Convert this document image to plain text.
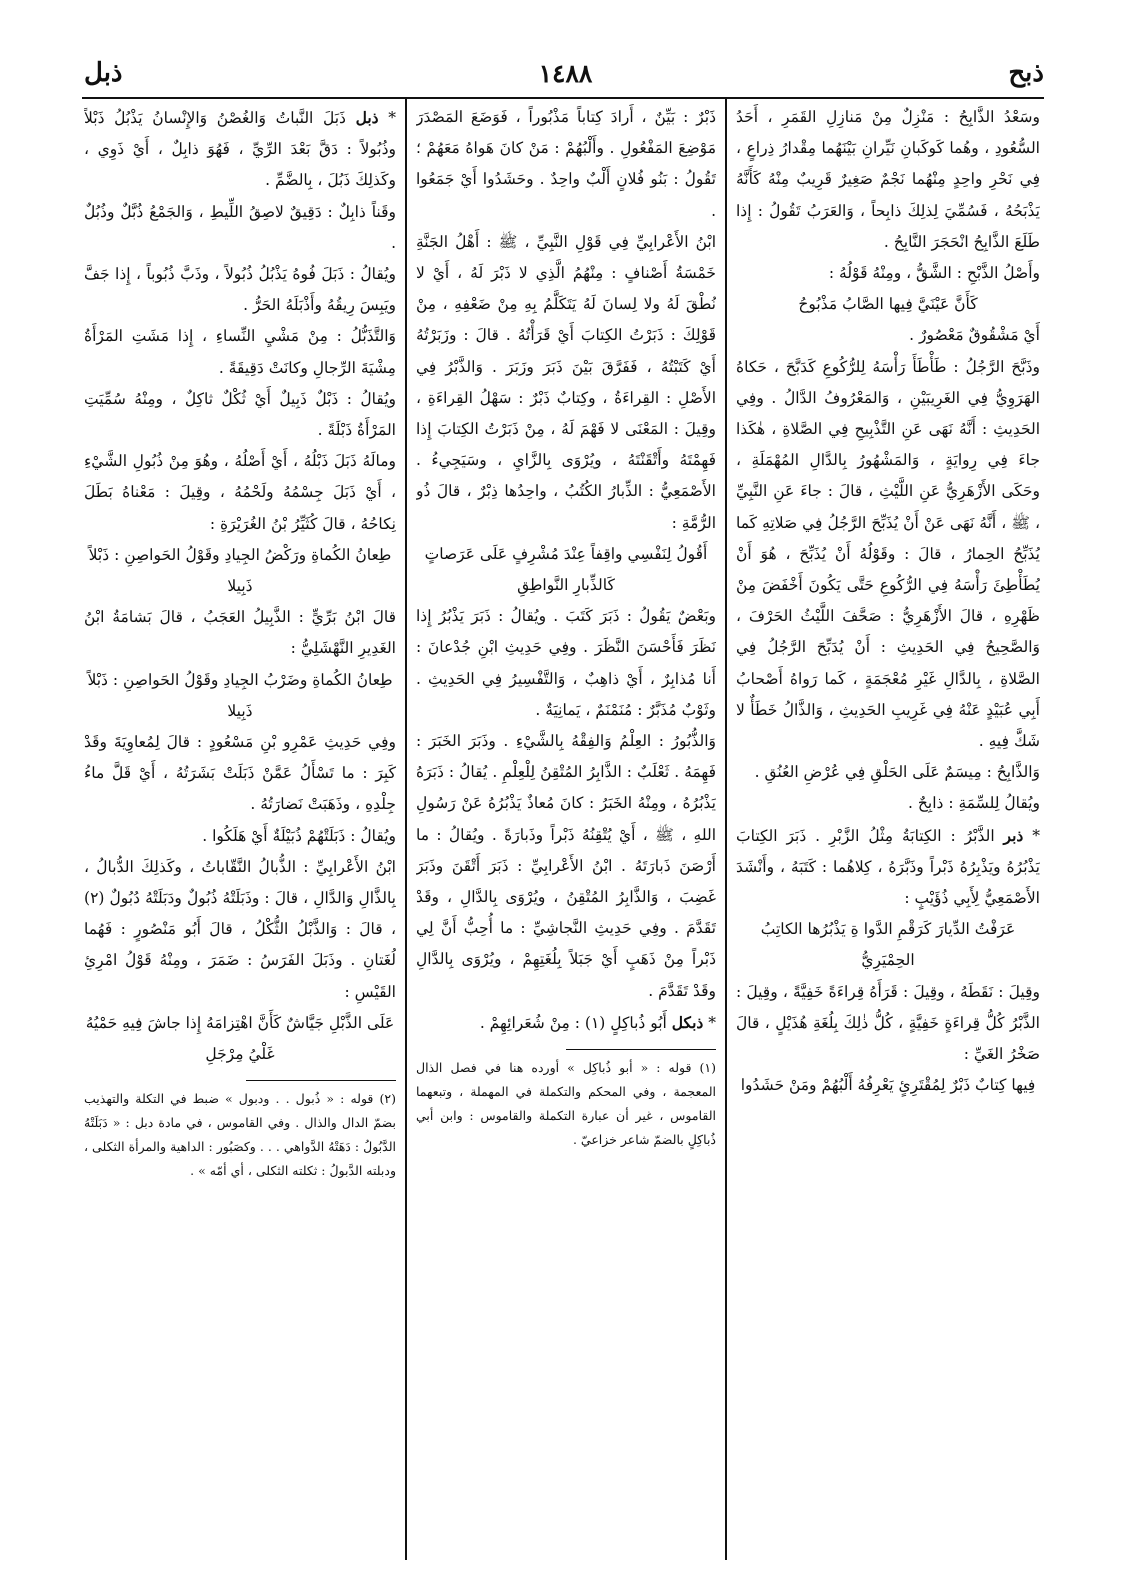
ذبح
١٤٨٨
ذبل

وسَعْدُ الذَّابِحُ : مَنْزِلٌ مِنْ مَنازِلِ القَمَرِ ، أَحَدُ السُّعُودِ ، وهُما كَوكَبانِ نَيِّرانِ بَيْنَهُما مِقْدارُ ذِراعٍ ، فِي نَحْرِ واحِدٍ مِنْهُما نَجْمٌ صَغِيرٌ قَرِيبٌ مِنْهُ كَأَنَّهُ يَذْبَحُهُ ، فَسُمِّيَ لِذلِكَ ذابِحاً ، وَالعَرَبُ تَقُولُ : إِذا طَلَعَ الذَّابِحُ انْحَجَرَ النَّابِحُ .

وأَصْلُ الذَّبْحِ : الشَّقُّ ، ومِنْهُ قَوْلُهُ :

كَأَنَّ عَيْنَيَّ فِيها الصَّابُ مَذْبُوحُ

أَيْ مَشْقُوقٌ مَعْصُورٌ .

وذَبَّحَ الرَّجُلُ : طَأْطَأَ رَأْسَهُ لِلرُّكُوعِ كَدَبَّحَ ، حَكاهُ الهَرَوِيُّ فِي الغَرِيبَيْنِ ، وَالمَعْرُوفُ الدَّالُ . وفِي الحَدِيثِ : أَنَّهُ نَهَى عَنِ التَّذْبِيحِ فِي الصَّلاةِ ، هٰكَذا جاءَ فِي رِوايَةٍ ، وَالمَشْهُورُ بِالدَّالِ المُهْمَلَةِ ، وحَكَى الأَزْهَرِيُّ عَنِ اللَّيْثِ ، قالَ : جاءَ عَنِ النَّبِيِّ ، ﷺ ، أَنَّهُ نَهَى عَنْ أَنْ يُذَبِّحَ الرَّجُلُ فِي صَلاتِهِ كَما يُذَبِّحُ الحِمارُ ، قالَ : وقَوْلُهُ أَنْ يُذَبِّحَ ، هُوَ أَنْ يُطَأْطِئَ رَأْسَهُ فِي الرُّكُوعِ حَتَّى يَكُونَ أَخْفَضَ مِنْ ظَهْرِهِ ، قالَ الأَزْهَرِيُّ : صَحَّفَ اللَّيْثُ الحَرْفَ ، وَالصَّحِيحُ فِي الحَدِيثِ : أَنْ يُدَبِّحَ الرَّجُلُ فِي الصَّلاةِ ، بِالدَّالِ غَيْرِ مُعْجَمَةٍ ، كَما رَواهُ أَصْحابُ أَبِي عُبَيْدٍ عَنْهُ فِي غَرِيبِ الحَدِيثِ ، وَالذَّالُ خَطَأٌ لا شَكَّ فِيهِ .

وَالذَّابِحُ : مِيسَمٌ عَلَى الحَلْقِ فِي عُرْضِ العُنُقِ .

ويُقالُ لِلسِّمَةِ : ذابِحٌ .

* ذبر الذَّبْرُ : الكِتابَةُ مِثْلُ الزَّبْرِ . ذَبَرَ الكِتابَ يَذْبُرُهُ ويَذْبِرُهُ ذَبْراً وذَبَّرَهُ ، كِلاهُما : كَتَبَهُ ، وأَنْشَدَ الأَصْمَعِيُّ لِأَبِي ذُؤَيْبٍ :

عَرَفْتُ الدِّيارَ كَرَقْمِ الدَّوا ةِ يَذْبُرُها الكاتِبُ الحِمْيَرِيُّ

وقِيلَ : نَقَطَهُ ، وقِيلَ : قَرَأَهُ قِراءَةً خَفِيَّةً ، وقِيلَ : الذَّبْرُ كُلُّ قِراءَةٍ خَفِيَّةٍ ، كُلُّ ذٰلِكَ بِلُغَةِ هُذَيْلٍ ، قالَ صَخْرُ الغَيِّ :

فِيها كِتابٌ ذَبْرٌ لِمُقْتَرِئٍ يَعْرِفُهُ أَلْبُهُمْ ومَنْ حَشَدُوا

ذَبْرٌ : بَيِّنٌ ، أَرادَ كِتاباً مَذْبُوراً ، فَوَضَعَ المَصْدَرَ مَوْضِعَ المَفْعُولِ . وأَلْبُهُمْ : مَنْ كانَ هَواهُ مَعَهُمْ ؛ تَقُولُ : بَنُو فُلانٍ أَلْبٌ واحِدٌ . وحَشَدُوا أَيْ جَمَعُوا .

ابْنُ الأَعْرابِيِّ فِي قَوْلِ النَّبِيِّ ، ﷺ : أَهْلُ الجَنَّةِ خَمْسَةُ أَصْنافٍ : مِنْهُمُ الَّذِي لا ذَبْرَ لَهُ ، أَيْ لا نُطْقَ لَهُ ولا لِسانَ لَهُ يَتَكَلَّمُ بِهِ مِنْ ضَعْفِهِ ، مِنْ قَوْلِكَ : ذَبَرْتُ الكِتابَ أَيْ قَرَأْتُهُ . قالَ : وزَبَرْتُهُ أَيْ كَتَبْتُهُ ، فَفَرَّقَ بَيْنَ ذَبَرَ وزَبَرَ . وَالذَّبْرُ فِي الأَصْلِ : القِراءَةُ ، وكِتابٌ ذَبْرٌ : سَهْلُ القِراءَةِ ، وقِيلَ : المَعْنَى لا فَهْمَ لَهُ ، مِنْ ذَبَرْتُ الكِتابَ إِذا فَهِمْتَهُ وأَتْقَنْتَهُ ، ويُرْوَى بِالزَّايِ ، وسَيَجِيءُ . الأَصْمَعِيُّ : الذِّبارُ الكُتُبُ ، واحِدُها ذِبْرٌ ، قالَ ذُو الرُّمَّةِ :

أَقُولُ لِنَفْسِي واقِفاً عِنْدَ مُشْرِفٍ عَلَى عَرَصاتٍ كَالذِّبارِ النَّواطِقِ

وبَعْضٌ يَقُولُ : ذَبَرَ كَتَبَ . ويُقالُ : ذَبَرَ يَذْبُرُ إِذا نَظَرَ فَأَحْسَنَ النَّظَرَ . وفِي حَدِيثِ ابْنِ جُدْعانَ : أَنا مُذابِرٌ ، أَيْ ذاهِبٌ ، وَالتَّفْسِيرُ فِي الحَدِيثِ . وثَوْبٌ مُذَبَّرٌ : مُنَمْنَمٌ ، يَمانِيَةٌ .

وَالذُّبُورُ : العِلْمُ وَالفِقْهُ بِالشَّيْءِ . وذَبَرَ الخَبَرَ : فَهِمَهُ . ثَعْلَبٌ : الذَّابِرُ المُتْقِنُ لِلْعِلْمِ . يُقالُ : ذَبَرَهُ يَذْبُرُهُ ، ومِنْهُ الخَبَرُ : كانَ مُعاذٌ يَذْبُرُهُ عَنْ رَسُولِ اللهِ ، ﷺ ، أَيْ يُتْقِنُهُ ذَبْراً وذَبارَةً . ويُقالُ : ما أَرْصَنَ ذَبارَتَهُ . ابْنُ الأَعْرابِيِّ : ذَبَرَ أَتْقَنَ وذَبَرَ غَضِبَ ، وَالذَّابِرُ المُتْقِنُ ، ويُرْوَى بِالدَّالِ ، وقَدْ تَقَدَّمَ . وفِي حَدِيثِ النَّجاشِيِّ : ما أُحِبُّ أَنَّ لِي ذَبْراً مِنْ ذَهَبٍ أَيْ جَبَلاً بِلُغَتِهِمْ ، ويُرْوَى بِالدَّالِ وقَدْ تَقَدَّمَ .

* ذبكل أَبُو ذُباكِلٍ (١) : مِنْ شُعَرائِهِمْ .

(١) قوله : « أبو ذُباكِل » أورده هنا في فصل الذال المعجمة ، وفي المحكم والتكملة في المهملة ، وتبعهما القاموس ، غير أن عبارة التكملة والقاموس : وابن أبي ذُباكِلٍ بالضمّ شاعر خزاعيّ .

* ذبل ذَبَلَ النَّباتُ وَالغُصْنُ وَالإِنْسانُ يَذْبُلُ ذَبْلاً وذُبُولاً : دَقَّ بَعْدَ الرِّيِّ ، فَهُوَ ذابِلٌ ، أَيْ ذَوِي ، وكَذلِكَ ذَبُلَ ، بِالضَّمِّ .

وقَناً ذابِلٌ : دَقِيقٌ لاصِقُ اللِّيطِ ، وَالجَمْعُ ذُبَّلٌ وذُبُلٌ .

ويُقالُ : ذَبَلَ فُوهُ يَذْبُلُ ذُبُولاً ، وذَبَّ ذُبُوباً ، إِذا جَفَّ ويَبِسَ رِيقُهُ وأَذْبَلَهُ الحَرُّ .

وَالتَّذَبُّلُ : مِنْ مَشْيِ النِّساءِ ، إِذا مَشَتِ المَرْأَةُ مِشْيَةَ الرِّجالِ وكانَتْ دَقِيقَةً .

ويُقالُ : ذَبْلٌ ذَبِيلٌ أَيْ ثُكْلٌ ثاكِلٌ ، ومِنْهُ سُمِّيَتِ المَرْأَةُ ذَبْلَةً .

ومالَهُ ذَبَلَ ذَبْلُهُ ، أَيْ أَصْلُهُ ، وهُوَ مِنْ ذُبُولِ الشَّيْءِ ، أَيْ ذَبَلَ جِسْمُهُ ولَحْمُهُ ، وقِيلَ : مَعْناهُ بَطَلَ نِكاحُهُ ، قالَ كُثَيِّرُ بْنُ الغُرَيْرَةِ :

طِعانُ الكُماةِ ورَكْضُ الجِيادِ وقَوْلُ الحَواصِنِ : ذَبْلاً ذَبِيلا

قالَ ابْنُ بَرِّيٍّ : الذَّبِيلُ العَجَبُ ، قالَ بَشامَةُ ابْنُ الغَدِيرِ النَّهْشَلِيُّ :

طِعانُ الكُماةِ وضَرْبُ الجِيادِ وقَوْلُ الحَواصِنِ : ذَبْلاً ذَبِيلا

وفِي حَدِيثِ عَمْرِو بْنِ مَسْعُودٍ : قالَ لِمُعاوِيَةَ وقَدْ كَبِرَ : ما تَسْأَلُ عَمَّنْ ذَبَلَتْ بَشَرَتُهُ ، أَيْ قَلَّ ماءُ جِلْدِهِ ، وذَهَبَتْ نَضارَتُهُ .

ويُقالُ : ذَبَلَتْهُمْ ذُبَيْلَةٌ أَيْ هَلَكُوا .

ابْنُ الأَعْرابِيِّ : الذُّبالُ النَّقّاباتُ ، وكَذلِكَ الدُّبالُ ، بِالذَّالِ وَالدَّالِ ، قالَ : وذَبَلَتْهُ ذُبُولٌ ودَبَلَتْهُ دُبُولٌ (٢) ، قالَ : وَالذَّبْلُ الثُّكْلُ ، قالَ أَبُو مَنْصُورٍ : فَهُما لُغَتانِ . وذَبَلَ الفَرَسُ : ضَمَرَ ، ومِنْهُ قَوْلُ امْرِئِ القَيْسِ :

عَلَى الذَّبْلِ جَيَّاشٌ كَأَنَّ اهْتِزامَهُ إِذا جاشَ فِيهِ حَمْيُهُ غَلْيُ مِرْجَلِ

(٢) قوله : « ذُبول . . ودبول » ضبط في التكلة والتهذيب بضمّ الدال والذال . وفي القاموس ، في مادة دبل : « دَبَلَتْهُ الدَّبُولُ : دَهَتْهُ الدَّواهي . . . وكصَبُور : الداهية والمرأة الثكلى ، ودبلته الدَّبولُ : ثكلته الثكلى ، أي أمّه » .
